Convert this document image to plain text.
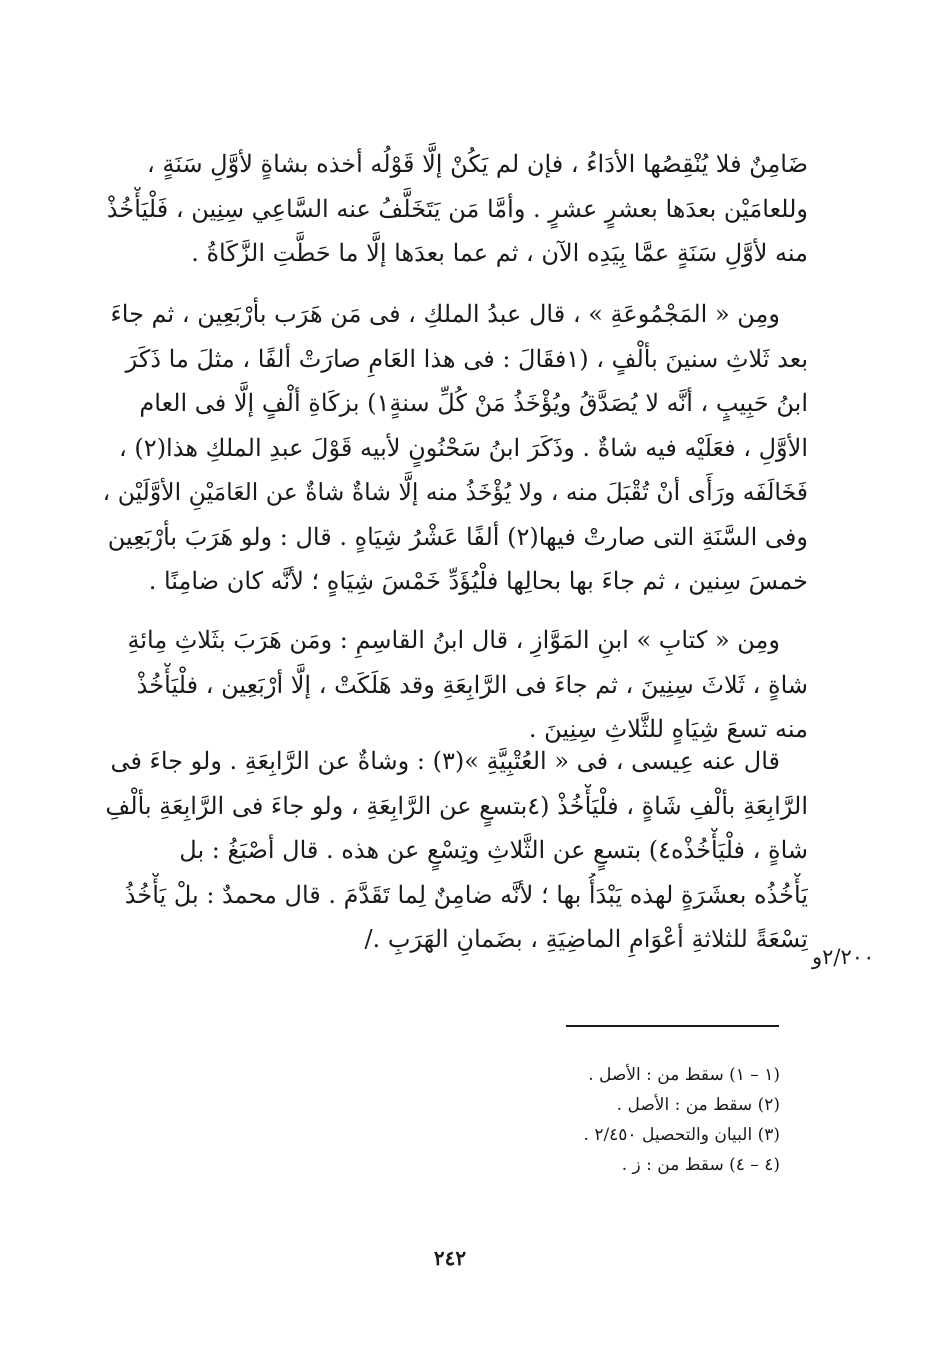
ضَامِنٌ فلا يُنْقِصُها الأدَاءُ ، فإن لم يَكُنْ إلَّا قَوْلُه أخذه بشاةٍ لأوَّلِ سَنَةٍ ،
وللعامَيْن بعدَها بعشرٍ عشرٍ . وأمَّا مَن يَتَخَلَّفُ عنه السَّاعِي سِنِين ، فَلْيَأْخُذْ
منه لأوَّلِ سَنَةٍ عمَّا بِيَدِه الآن ، ثم عما بعدَها إلَّا ما حَطَّتِ الزَّكَاةُ .
ومِن « المَجْمُوعَةِ » ، قال عبدُ الملكِ ، فى مَن هَرَب بأرْبَعِين ، ثم جاءَ
بعد ثَلاثِ سنينَ بألْفٍ ، (١فقَالَ : فى هذا العَامِ صارَتْ ألفًا ، مثلَ ما ذَكَرَ
ابنُ حَبِيبٍ ، أنَّه لا يُصَدَّقُ ويُؤْخَذُ مَنْ كُلِّ سنةٍ١) بزكَاةِ ألْفٍ إلَّا فى العام
الأوَّلِ ، فعَلَيْه فيه شاةٌ . وذَكَرَ ابنُ سَحْنُونٍ لأبيه قَوْلَ عبدِ الملكِ هذا(٢) ،
فَخَالَفَه ورَأَى أنْ تُقْبَلَ منه ، ولا يُؤْخَذُ منه إلَّا شاةٌ شاةٌ عن العَامَيْنِ الأوَّلَيْن ،
وفى السَّنَةِ التى صارتْ فيها(٢) ألفًا عَشْرُ شِيَاهٍ . قال : ولو هَرَبَ بأرْبَعِين
خمسَ سِنين ، ثم جاءَ بها بحالِها فلْيُؤَدِّ خَمْسَ شِيَاهٍ ؛ لأنَّه كان ضامِنًا .
ومِن « كتابِ » ابنِ المَوَّازِ ، قال ابنُ القاسِمِ : ومَن هَرَبَ بثَلاثِ مِائةِ
شاةٍ ، ثَلاثَ سِنِينَ ، ثم جاءَ فى الرَّابِعَةِ وقد هَلَكَتْ ، إلَّا أرْبَعِين ، فلْيَأْخُذْ
منه تسعَ شِيَاهٍ للثَّلاثِ سِنِينَ .
قال عنه عِيسى ، فى « العُتْبِيَّةِ »(٣) : وشاةٌ عن الرَّابِعَةِ . ولو جاءَ فى
الرَّابِعَةِ بألْفِ شَاةٍ ، فلْيَأْخُذْ (٤بتسعٍ عن الرَّابِعَةِ ، ولو جاءَ فى الرَّابِعَةِ بألْفِ
شاةٍ ، فلْيَأْخُذْه٤) بتسعٍ عن الثَّلاثِ وتِسْعٍ عن هذه . قال أصْبَغُ : بل
يَأْخُذُه بعشَرَةٍ لهذه يَبْدَأُ بها ؛ لأنَّه ضامِنٌ لِما تَقَدَّمَ . قال محمدٌ : بلْ يَأْخُذُ
تِسْعَةً للثلاثةِ أعْوَامِ الماضِيَةِ ، بضَمانِ الهَرَبِ ./
٢/٢٠٠و
(١ – ١) سقط من : الأصل .
(٢) سقط من : الأصل .
(٣) البيان والتحصيل ٢/٤٥٠ .
(٤ – ٤) سقط من : ز .
٢٤٢
